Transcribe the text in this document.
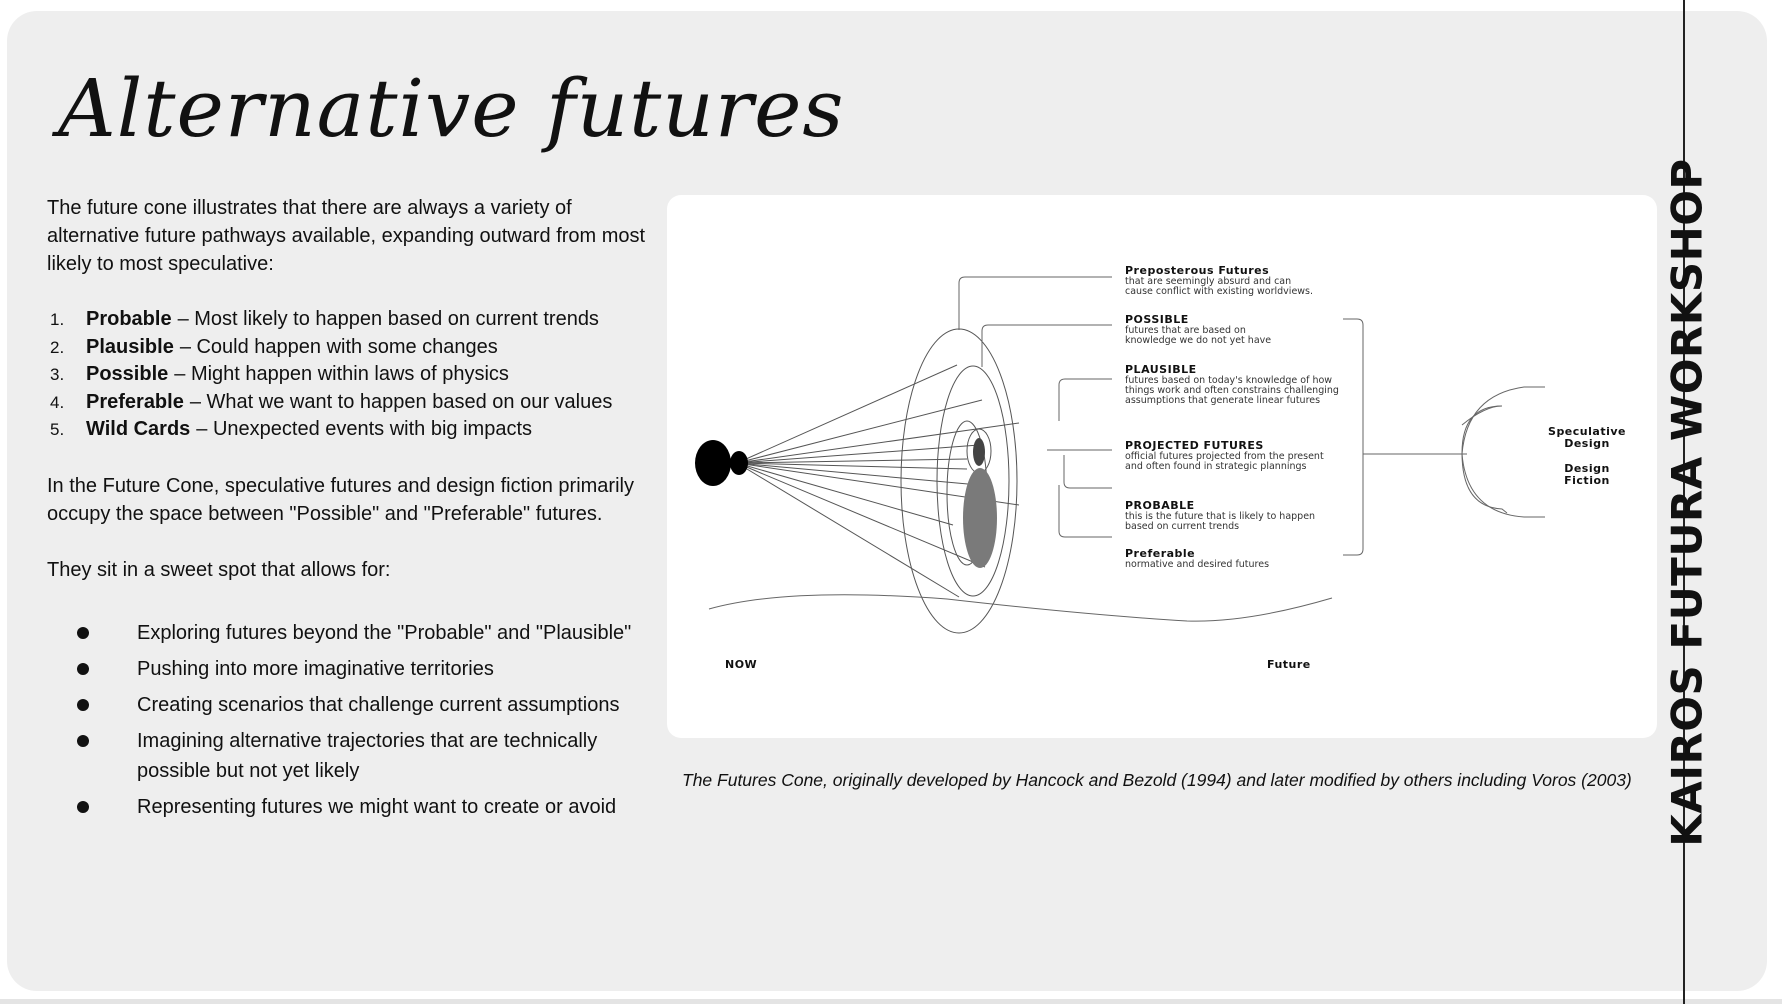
KAIROS FUTURA WORKSHOP
Alternative futures

The future cone illustrates that there are always a variety of alternative future pathways available, expanding outward from most likely to most speculative:

1.	Probable – Most likely to happen based on current trends
2.	Plausible – Could happen with some changes
3.	Possible – Might happen within laws of physics
4.	Preferable – What we want to happen based on our values
5.	Wild Cards – Unexpected events with big impacts

In the Future Cone, speculative futures and design fiction primarily occupy the space between "Possible" and "Preferable" futures.

They sit in a sweet spot that allows for:

Exploring futures beyond the "Probable" and "Plausible"
Pushing into more imaginative territories
Creating scenarios that challenge current assumptions
Imagining alternative trajectories that are technically possible but not yet likely
Representing futures we might want to create or avoid
Preposterous Futures
that are seemingly absurd and can
cause conflict with existing worldviews.
POSSIBLE
futures that are based on
knowledge we do not yet have
PLAUSIBLE
futures based on today's knowledge of how
things work and often constrains challenging
assumptions that generate linear futures
PROJECTED FUTURES
official futures projected from the present
and often found in strategic plannings
PROBABLE
this is the future that is likely to happen
based on current trends
Preferable
normative and desired futures
Speculative
Design
Design
Fiction
NOW	Future
The Futures Cone, originally developed by Hancock and Bezold (1994) and later modified by others including Voros (2003)
